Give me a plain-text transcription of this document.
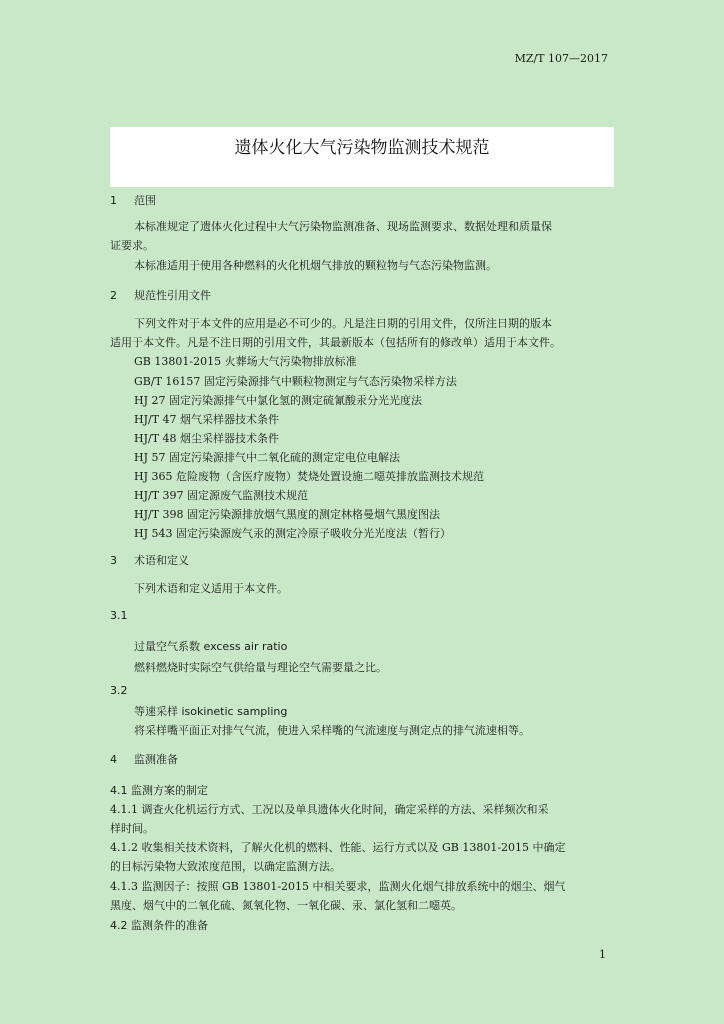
MZ/T 107—2017
遗体火化大气污染物监测技术规范
1 范围
本标准规定了遗体火化过程中大气污染物监测准备、现场监测要求、数据处理和质量保
证要求。
本标准适用于使用各种燃料的火化机烟气排放的颗粒物与气态污染物监测。
2 规范性引用文件
下列文件对于本文件的应用是必不可少的。凡是注日期的引用文件，仅所注日期的版本
适用于本文件。凡是不注日期的引用文件，其最新版本（包括所有的修改单）适用于本文件。
GB 13801-2015 火葬场大气污染物排放标准
GB/T 16157 固定污染源排气中颗粒物测定与气态污染物采样方法
HJ 27 固定污染源排气中氯化氢的测定硫氰酸汞分光光度法
HJ/T 47 烟气采样器技术条件
HJ/T 48 烟尘采样器技术条件
HJ 57 固定污染源排气中二氧化硫的测定定电位电解法
HJ 365 危险废物（含医疗废物）焚烧处置设施二噁英排放监测技术规范
HJ/T 397 固定源废气监测技术规范
HJ/T 398 固定污染源排放烟气黑度的测定林格曼烟气黑度图法
HJ 543 固定污染源废气汞的测定冷原子吸收分光光度法（暂行）
3 术语和定义
下列术语和定义适用于本文件。
3.1
过量空气系数 excess air ratio
燃料燃烧时实际空气供给量与理论空气需要量之比。
3.2
等速采样 isokinetic sampling
将采样嘴平面正对排气气流，使进入采样嘴的气流速度与测定点的排气流速相等。
4 监测准备
4.1 监测方案的制定
4.1.1 调查火化机运行方式、工况以及单具遗体火化时间，确定采样的方法、采样频次和采
样时间。
4.1.2 收集相关技术资料，了解火化机的燃料、性能、运行方式以及 GB 13801-2015 中确定
的目标污染物大致浓度范围，以确定监测方法。
4.1.3 监测因子：按照 GB 13801-2015 中相关要求，监测火化烟气排放系统中的烟尘、烟气
黑度、烟气中的二氧化硫、氮氧化物、一氧化碳、汞、氯化氢和二噁英。
4.2 监测条件的准备
1
